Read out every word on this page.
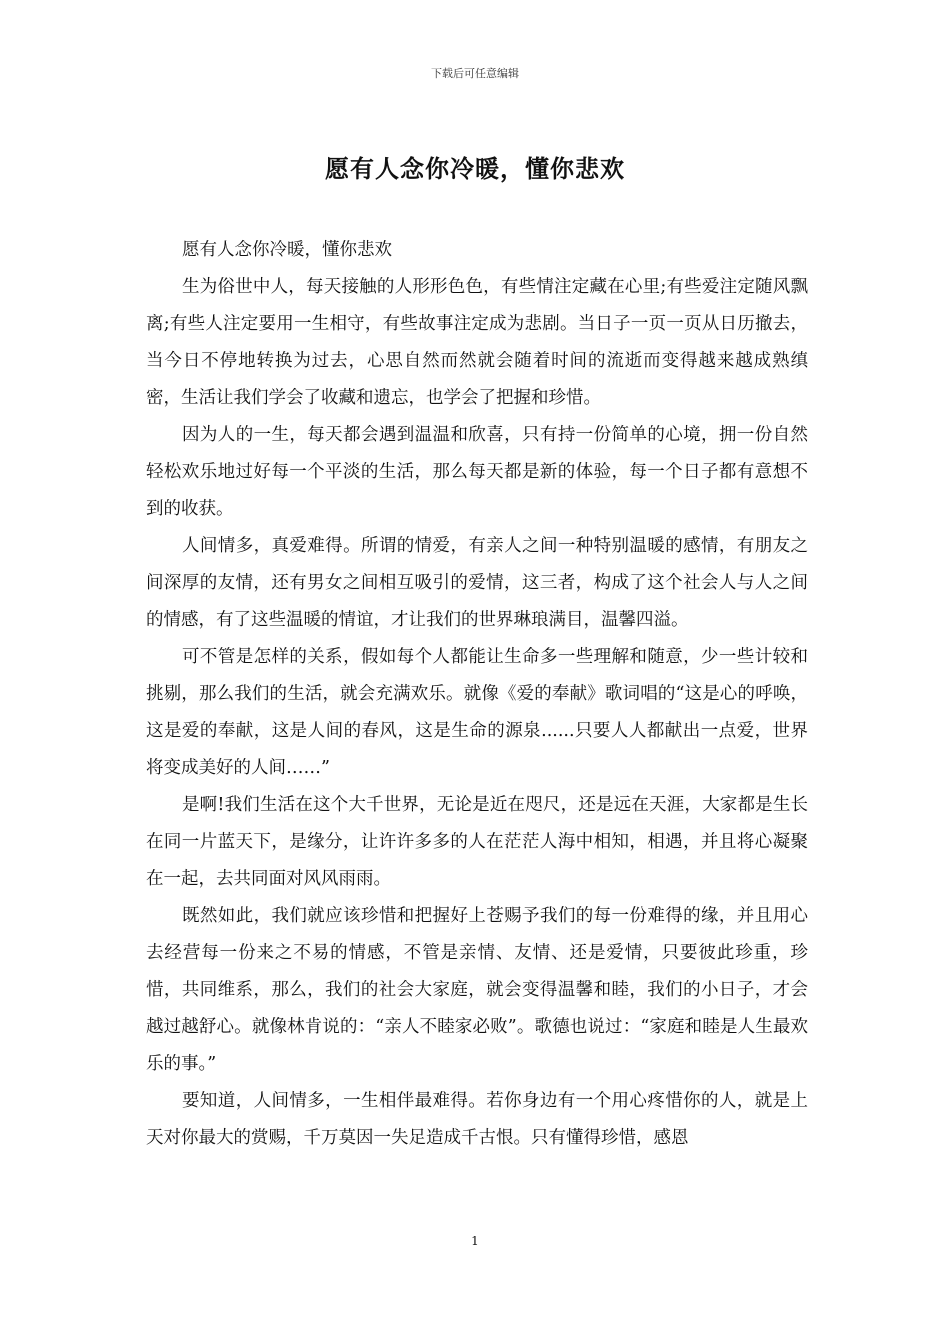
下载后可任意编辑
愿有人念你冷暖，懂你悲欢

愿有人念你冷暖，懂你悲欢

生为俗世中人，每天接触的人形形色色，有些情注定藏在心里;有些爱注定随风飘离;有些人注定要用一生相守，有些故事注定成为悲剧。当日子一页一页从日历撤去，当今日不停地转换为过去，心思自然而然就会随着时间的流逝而变得越来越成熟缜密，生活让我们学会了收藏和遗忘，也学会了把握和珍惜。

因为人的一生，每天都会遇到温温和欣喜，只有持一份简单的心境，拥一份自然轻松欢乐地过好每一个平淡的生活，那么每天都是新的体验，每一个日子都有意想不到的收获。

人间情多，真爱难得。所谓的情爱，有亲人之间一种特别温暖的感情，有朋友之间深厚的友情，还有男女之间相互吸引的爱情，这三者，构成了这个社会人与人之间的情感，有了这些温暖的情谊，才让我们的世界琳琅满目，温馨四溢。

可不管是怎样的关系，假如每个人都能让生命多一些理解和随意，少一些计较和挑剔，那么我们的生活，就会充满欢乐。就像《爱的奉献》歌词唱的“这是心的呼唤，这是爱的奉献，这是人间的春风，这是生命的源泉......只要人人都献出一点爱，世界将变成美好的人间……”

是啊!我们生活在这个大千世界，无论是近在咫尺，还是远在天涯，大家都是生长在同一片蓝天下，是缘分，让许许多多的人在茫茫人海中相知，相遇，并且将心凝聚在一起，去共同面对风风雨雨。

既然如此，我们就应该珍惜和把握好上苍赐予我们的每一份难得的缘，并且用心去经营每一份来之不易的情感，不管是亲情、友情、还是爱情，只要彼此珍重，珍惜，共同维系，那么，我们的社会大家庭，就会变得温馨和睦，我们的小日子，才会越过越舒心。就像林肯说的：“亲人不睦家必败”。歌德也说过：“家庭和睦是人生最欢乐的事。”

要知道，人间情多，一生相伴最难得。若你身边有一个用心疼惜你的人，就是上天对你最大的赏赐，千万莫因一失足造成千古恨。只有懂得珍惜，感恩

1
